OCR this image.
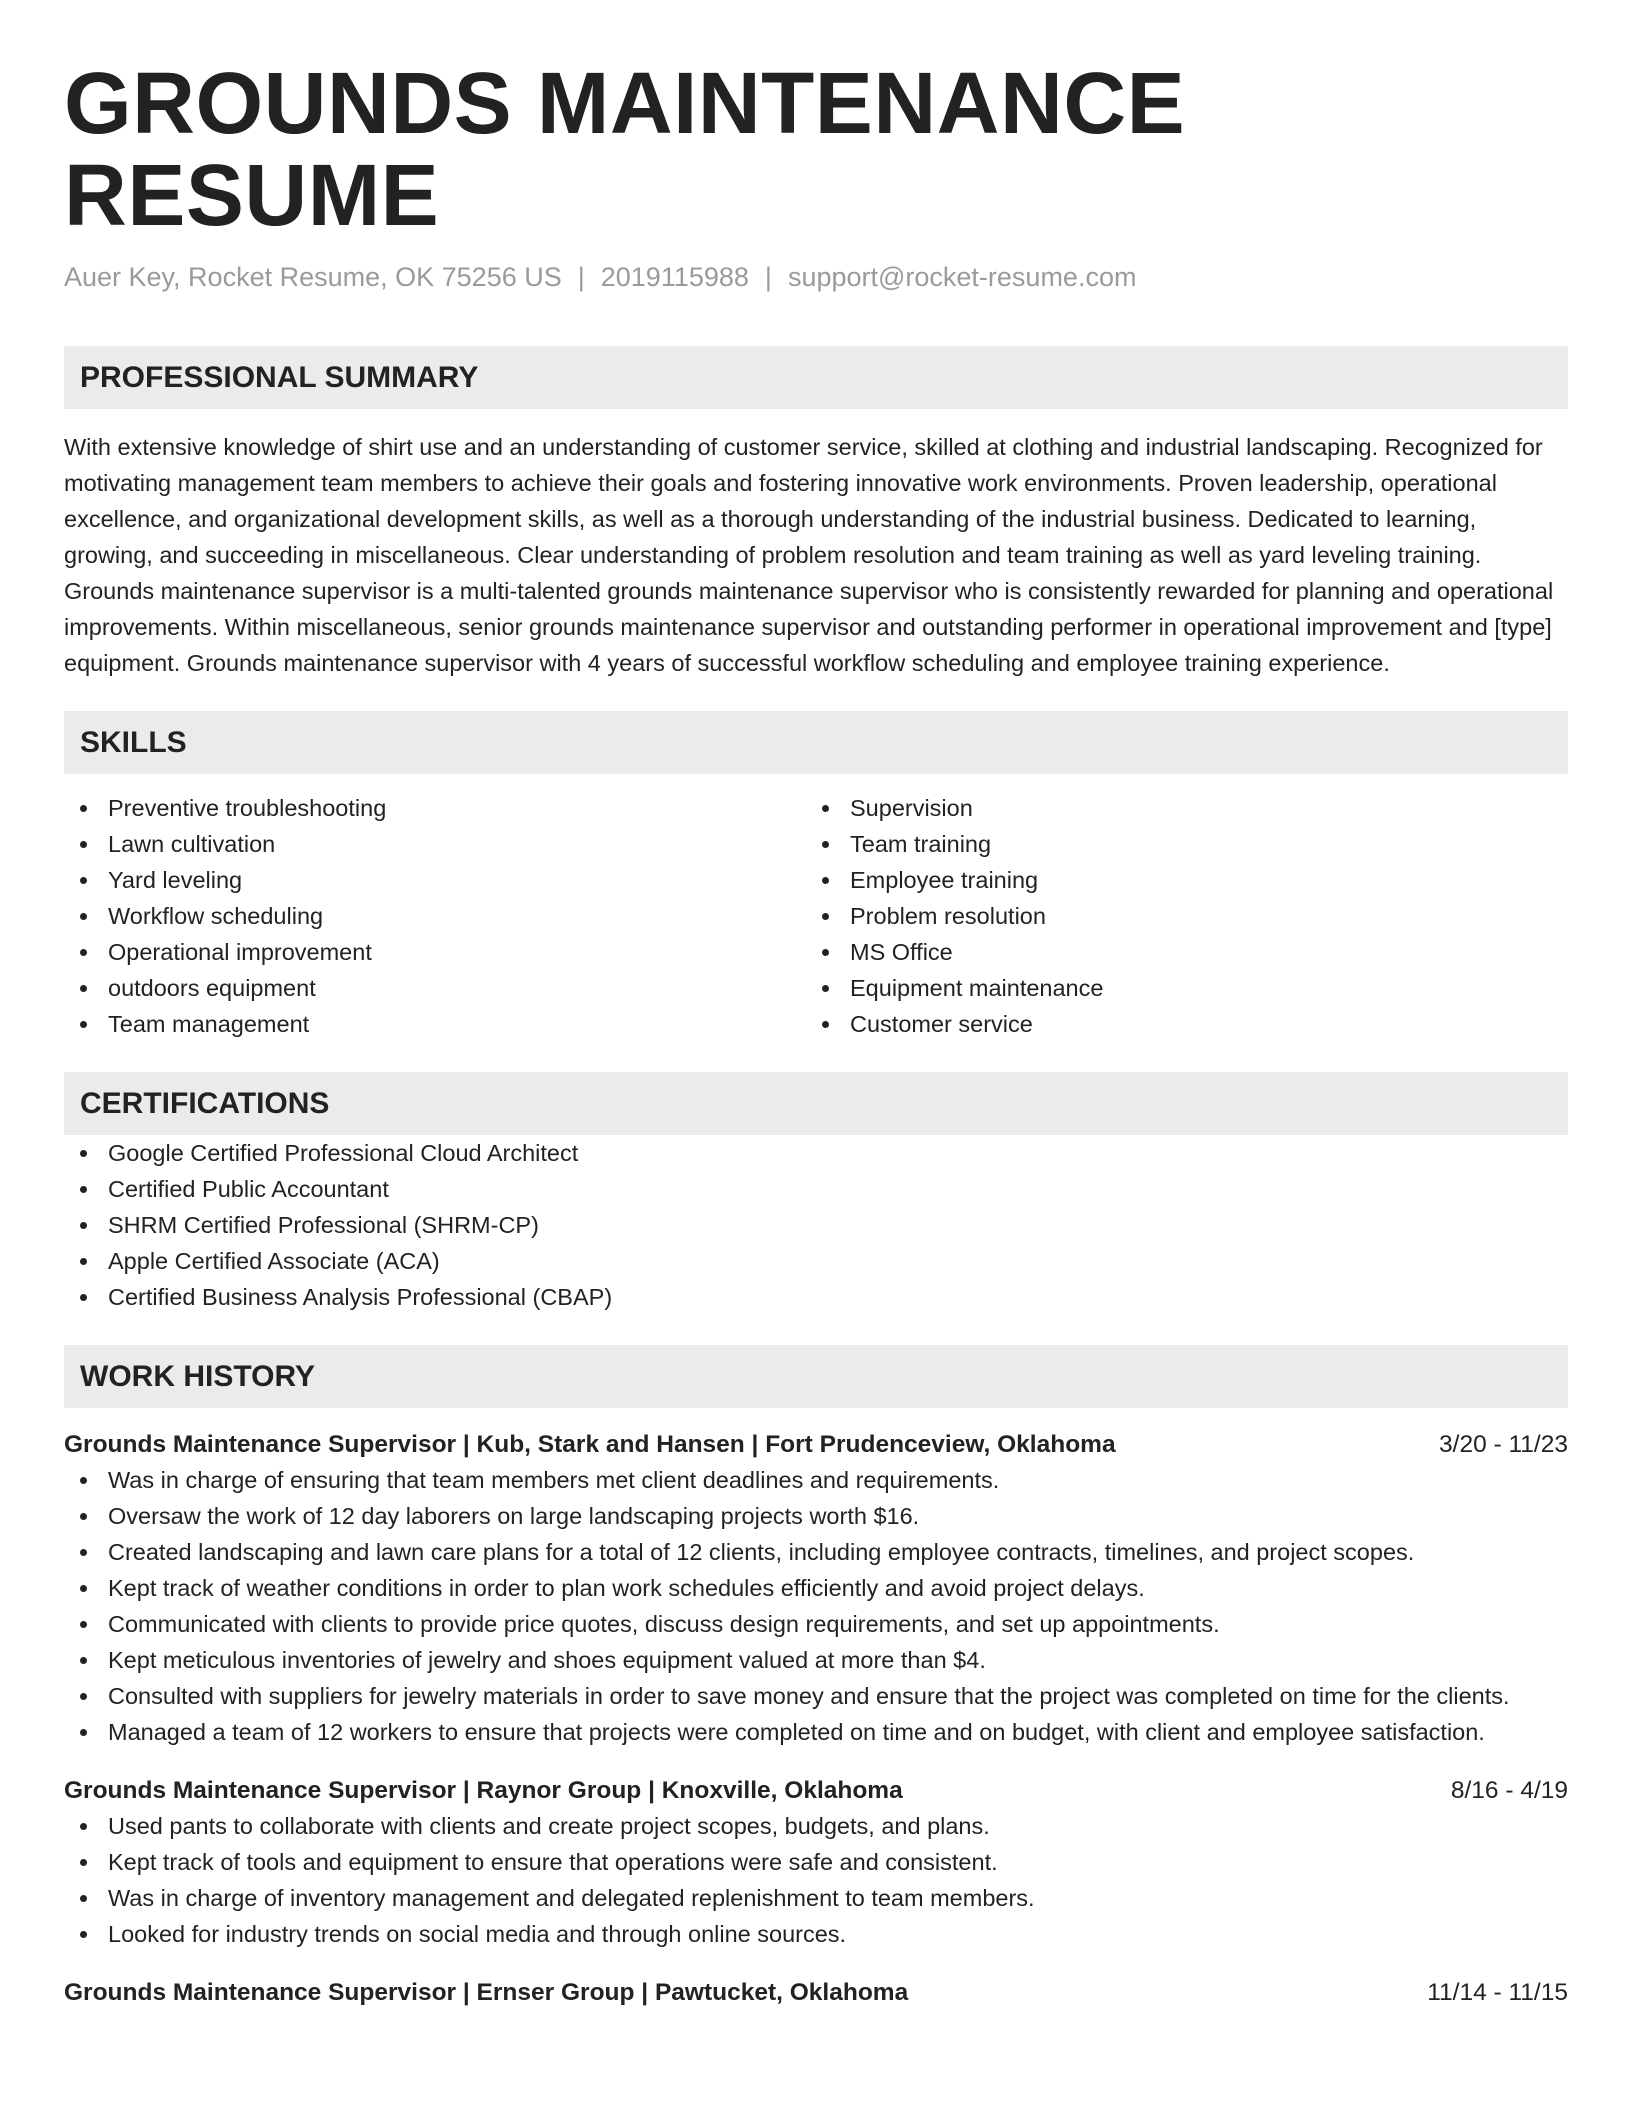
GROUNDS MAINTENANCE RESUME
Auer Key, Rocket Resume, OK 75256 US | 2019115988 | support@rocket-resume.com
PROFESSIONAL SUMMARY

With extensive knowledge of shirt use and an understanding of customer service, skilled at clothing and industrial landscaping. Recognized for motivating management team members to achieve their goals and fostering innovative work environments. Proven leadership, operational excellence, and organizational development skills, as well as a thorough understanding of the industrial business. Dedicated to learning, growing, and succeeding in miscellaneous. Clear understanding of problem resolution and team training as well as yard leveling training. Grounds maintenance supervisor is a multi-talented grounds maintenance supervisor who is consistently rewarded for planning and operational improvements. Within miscellaneous, senior grounds maintenance supervisor and outstanding performer in operational improvement and [type] equipment. Grounds maintenance supervisor with 4 years of successful workflow scheduling and employee training experience.

SKILLS
Preventive troubleshooting
Lawn cultivation
Yard leveling
Workflow scheduling
Operational improvement
outdoors equipment
Team management
Supervision
Team training
Employee training
Problem resolution
MS Office
Equipment maintenance
Customer service
CERTIFICATIONS
Google Certified Professional Cloud Architect
Certified Public Accountant
SHRM Certified Professional (SHRM-CP)
Apple Certified Associate (ACA)
Certified Business Analysis Professional (CBAP)
WORK HISTORY
Grounds Maintenance Supervisor | Kub, Stark and Hansen | Fort Prudenceview, Oklahoma	3/20 - 11/23
Was in charge of ensuring that team members met client deadlines and requirements.
Oversaw the work of 12 day laborers on large landscaping projects worth $16.
Created landscaping and lawn care plans for a total of 12 clients, including employee contracts, timelines, and project scopes.
Kept track of weather conditions in order to plan work schedules efficiently and avoid project delays.
Communicated with clients to provide price quotes, discuss design requirements, and set up appointments.
Kept meticulous inventories of jewelry and shoes equipment valued at more than $4.
Consulted with suppliers for jewelry materials in order to save money and ensure that the project was completed on time for the clients.
Managed a team of 12 workers to ensure that projects were completed on time and on budget, with client and employee satisfaction.
Grounds Maintenance Supervisor | Raynor Group | Knoxville, Oklahoma	8/16 - 4/19
Used pants to collaborate with clients and create project scopes, budgets, and plans.
Kept track of tools and equipment to ensure that operations were safe and consistent.
Was in charge of inventory management and delegated replenishment to team members.
Looked for industry trends on social media and through online sources.
Grounds Maintenance Supervisor | Ernser Group | Pawtucket, Oklahoma	11/14 - 11/15
